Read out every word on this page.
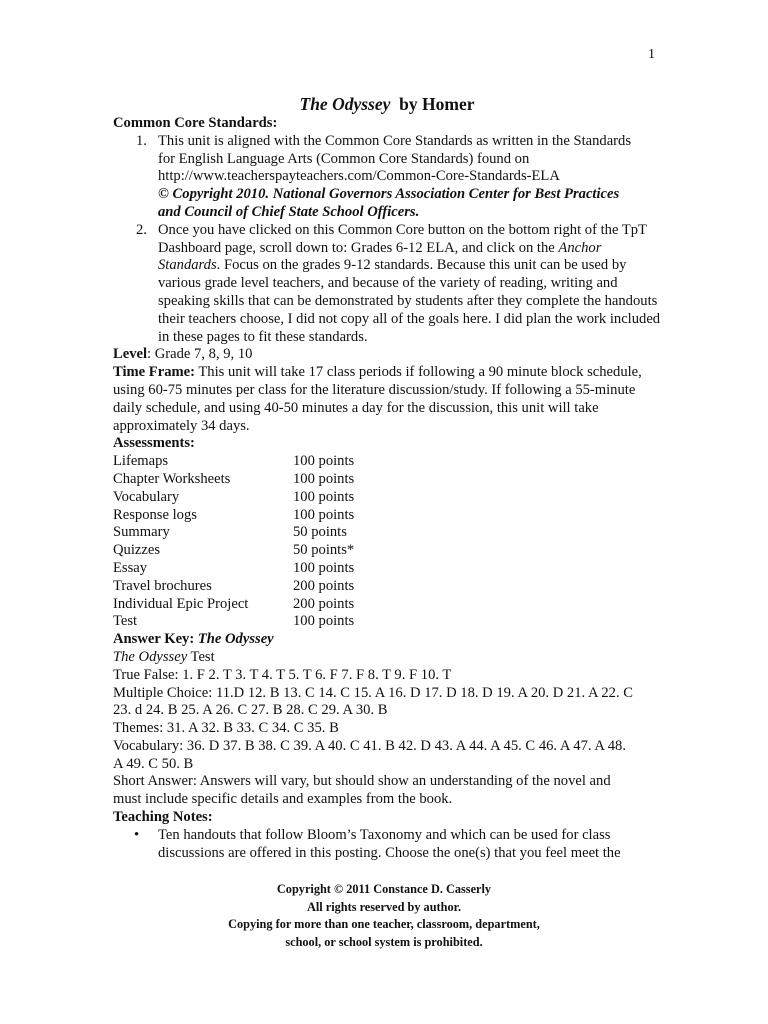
1
The Odyssey by Homer
Common Core Standards:
1. This unit is aligned with the Common Core Standards as written in the Standards
for English Language Arts (Common Core Standards) found on
http://www.teacherspayteachers.com/Common-Core-Standards-ELA
© Copyright 2010. National Governors Association Center for Best Practices
and Council of Chief State School Officers.
2. Once you have clicked on this Common Core button on the bottom right of the TpT Dashboard page, scroll down to: Grades 6-12 ELA, and click on the Anchor Standards. Focus on the grades 9-12 standards. Because this unit can be used by various grade level teachers, and because of the variety of reading, writing and speaking skills that can be demonstrated by students after they complete the handouts their teachers choose, I did not copy all of the goals here. I did plan the work included in these pages to fit these standards.
Level: Grade 7, 8, 9, 10
Time Frame: This unit will take 17 class periods if following a 90 minute block schedule, using 60-75 minutes per class for the literature discussion/study. If following a 55-minute daily schedule, and using 40-50 minutes a day for the discussion, this unit will take approximately 34 days.
Assessments:
Lifemaps	100 points
Chapter Worksheets	100 points
Vocabulary	100 points
Response logs	100 points
Summary	50 points
Quizzes	50 points*
Essay	100 points
Travel brochures	200 points
Individual Epic Project	200 points
Test	100 points
Answer Key: The Odyssey
The Odyssey Test
True False: 1. F 2. T 3. T 4. T 5. T 6. F 7. F 8. T 9. F 10. T
Multiple Choice: 11.D 12. B 13. C 14. C 15. A 16. D 17. D 18. D 19. A 20. D 21. A 22. C
23. d 24. B 25. A 26. C 27. B 28. C 29. A 30. B
Themes: 31. A 32. B 33. C 34. C 35. B
Vocabulary: 36. D 37. B 38. C 39. A 40. C 41. B 42. D 43. A 44. A 45. C 46. A 47. A 48.
A 49. C 50. B
Short Answer: Answers will vary, but should show an understanding of the novel and
must include specific details and examples from the book.
Teaching Notes:
• Ten handouts that follow Bloom’s Taxonomy and which can be used for class
discussions are offered in this posting. Choose the one(s) that you feel meet the
Copyright © 2011 Constance D. Casserly
All rights reserved by author.
Copying for more than one teacher, classroom, department,
school, or school system is prohibited.
